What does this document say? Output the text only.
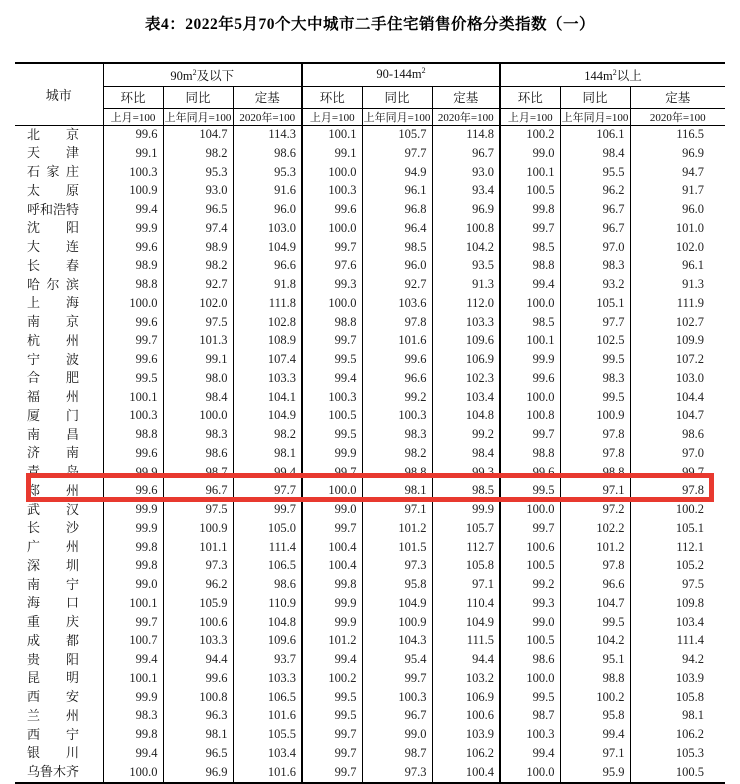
表4：2022年5月70个大中城市二手住宅销售价格分类指数（一）
城市	$90m^2$及以下			$90-144m^2$			$144m^2$以上		
	环比	同比	定基	环比	同比	定基	环比	同比	定基
	上月=100	上年同月=100	2020年=100	上月=100	上年同月=100	2020年=100	上月=100	上年同月=100	2020年=100
北京	99.6	104.7	114.3	100.1	105.7	114.8	100.2	106.1	116.5
天津	99.1	98.2	98.6	99.1	97.7	96.7	99.0	98.4	96.9
石家庄	100.3	95.3	95.3	100.0	94.9	93.0	100.1	95.5	94.7
太原	100.9	93.0	91.6	100.3	96.1	93.4	100.5	96.2	91.7
呼和浩特	99.4	96.5	96.0	99.6	96.8	96.9	99.8	96.7	96.0
沈阳	99.9	97.4	103.0	100.0	96.4	100.8	99.7	96.7	101.0
大连	99.6	98.9	104.9	99.7	98.5	104.2	98.5	97.0	102.0
长春	98.9	98.2	96.6	97.6	96.0	93.5	98.8	98.3	96.1
哈尔滨	98.8	92.7	91.8	99.3	92.7	91.3	99.4	93.2	91.3
上海	100.0	102.0	111.8	100.0	103.6	112.0	100.0	105.1	111.9
南京	99.6	97.5	102.8	98.8	97.8	103.3	98.5	97.7	102.7
杭州	99.7	101.3	108.9	99.7	101.6	109.6	100.1	102.5	109.9
宁波	99.6	99.1	107.4	99.5	99.6	106.9	99.9	99.5	107.2
合肥	99.5	98.0	103.3	99.4	96.6	102.3	99.6	98.3	103.0
福州	100.1	98.4	104.1	100.3	99.2	103.4	100.0	99.5	104.4
厦门	100.3	100.0	104.9	100.5	100.3	104.8	100.8	100.9	104.7
南昌	98.8	98.3	98.2	99.5	98.3	99.2	99.7	97.8	98.6
济南	99.6	98.6	98.1	99.9	98.2	98.4	98.8	97.8	97.0
青岛	99.9	98.7	99.4	99.7	98.8	99.3	99.6	98.8	99.7
郑州	99.6	96.7	97.7	100.0	98.1	98.5	99.5	97.1	97.8
武汉	99.9	97.5	99.7	99.0	97.1	99.9	100.0	97.2	100.2
长沙	99.9	100.9	105.0	99.7	101.2	105.7	99.7	102.2	105.1
广州	99.8	101.1	111.4	100.4	101.5	112.7	100.6	101.2	112.1
深圳	99.8	97.3	106.5	100.4	97.3	105.8	100.5	97.8	105.2
南宁	99.0	96.2	98.6	99.8	95.8	97.1	99.2	96.6	97.5
海口	100.1	105.9	110.9	99.9	104.9	110.4	99.3	104.7	109.8
重庆	99.7	100.6	104.8	99.9	100.9	104.9	99.0	99.5	103.4
成都	100.7	103.3	109.6	101.2	104.3	111.5	100.5	104.2	111.4
贵阳	99.4	94.4	93.7	99.4	95.4	94.4	98.6	95.1	94.2
昆明	100.1	99.6	103.3	100.2	99.7	103.2	100.0	98.8	103.9
西安	99.9	100.8	106.5	99.5	100.3	106.9	99.5	100.2	105.8
兰州	98.3	96.3	101.6	99.5	96.7	100.6	98.7	95.8	98.1
西宁	99.8	98.1	105.5	99.7	99.0	103.9	100.3	99.4	106.2
银川	99.4	96.5	103.4	99.7	98.7	106.2	99.4	97.1	105.3
乌鲁木齐	100.0	96.9	101.6	99.7	97.3	100.4	100.0	95.9	100.5
